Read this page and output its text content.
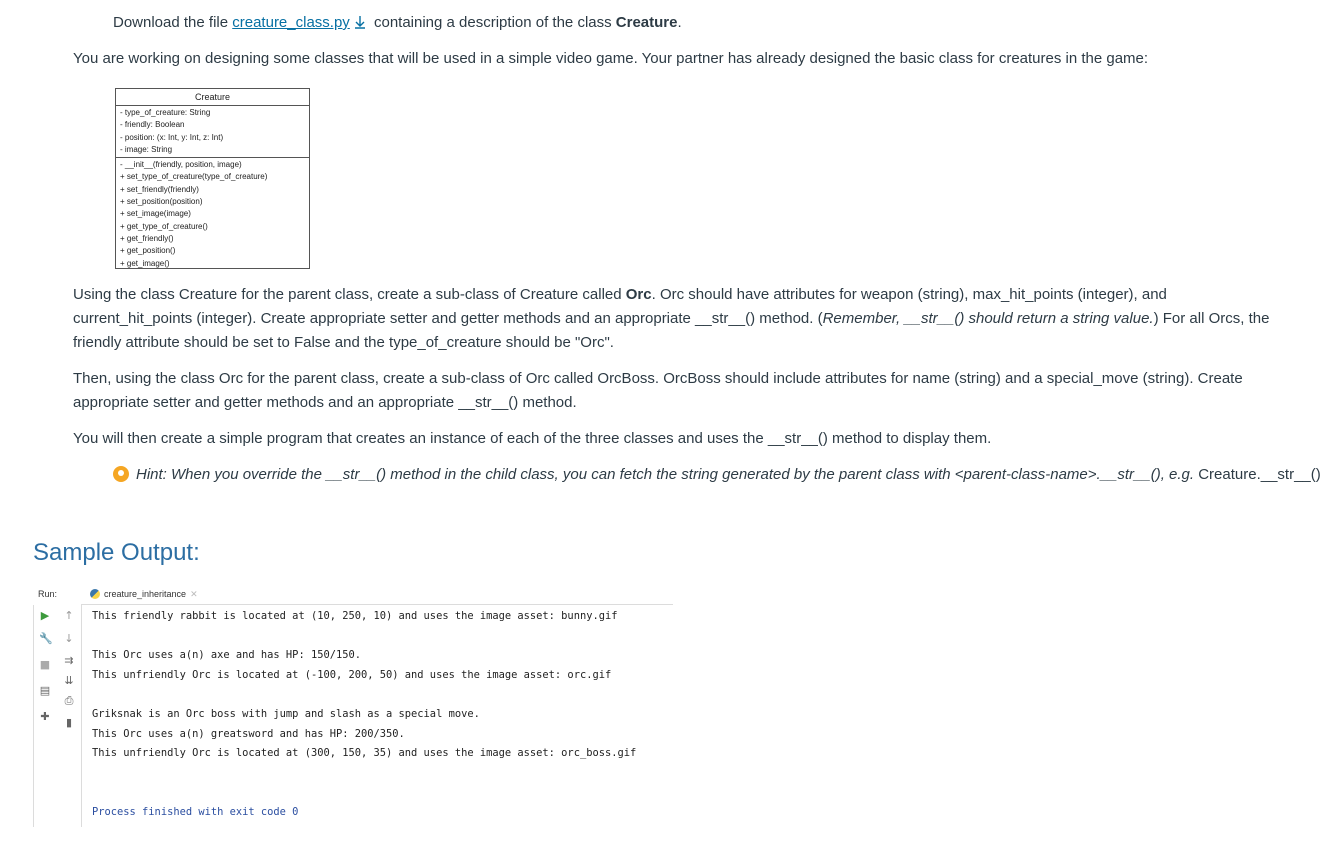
Download the file creature_class.py containing a description of the class Creature.
You are working on designing some classes that will be used in a simple video game. Your partner has already designed the basic class for creatures in the game:
Creature
- type_of_creature: String
- friendly: Boolean
- position: (x: Int, y: Int, z: Int)
- image: String
- __init__(friendly, position, image)
+ set_type_of_creature(type_of_creature)
+ set_friendly(friendly)
+ set_position(position)
+ set_image(image)
+ get_type_of_creature()
+ get_friendly()
+ get_position()
+ get_image()
Using the class Creature for the parent class, create a sub-class of Creature called Orc. Orc should have attributes for weapon (string), max_hit_points (integer), and
current_hit_points (integer). Create appropriate setter and getter methods and an appropriate __str__() method. (Remember, __str__() should return a string value.) For all Orcs, the
friendly attribute should be set to False and the type_of_creature should be "Orc".
Then, using the class Orc for the parent class, create a sub-class of Orc called OrcBoss. OrcBoss should include attributes for name (string) and a special_move (string). Create
appropriate setter and getter methods and an appropriate __str__() method.
You will then create a simple program that creates an instance of each of the three classes and uses the __str__() method to display them.
Hint: When you override the __str__() method in the child class, you can fetch the string generated by the parent class with <parent-class-name>.__str__(), e.g. Creature.__str__()
Sample Output:
Run:	creature_inheritance ✕
▶
🔧
■
▤
✚
↑
↓
⇉
⇊
⎙
▮
This friendly rabbit is located at (10, 250, 10) and uses the image asset: bunny.gif
This Orc uses a(n) axe and has HP: 150/150.
This unfriendly Orc is located at (-100, 200, 50) and uses the image asset: orc.gif
Griksnak is an Orc boss with jump and slash as a special move.
This Orc uses a(n) greatsword and has HP: 200/350.
This unfriendly Orc is located at (300, 150, 35) and uses the image asset: orc_boss.gif
Process finished with exit code 0
